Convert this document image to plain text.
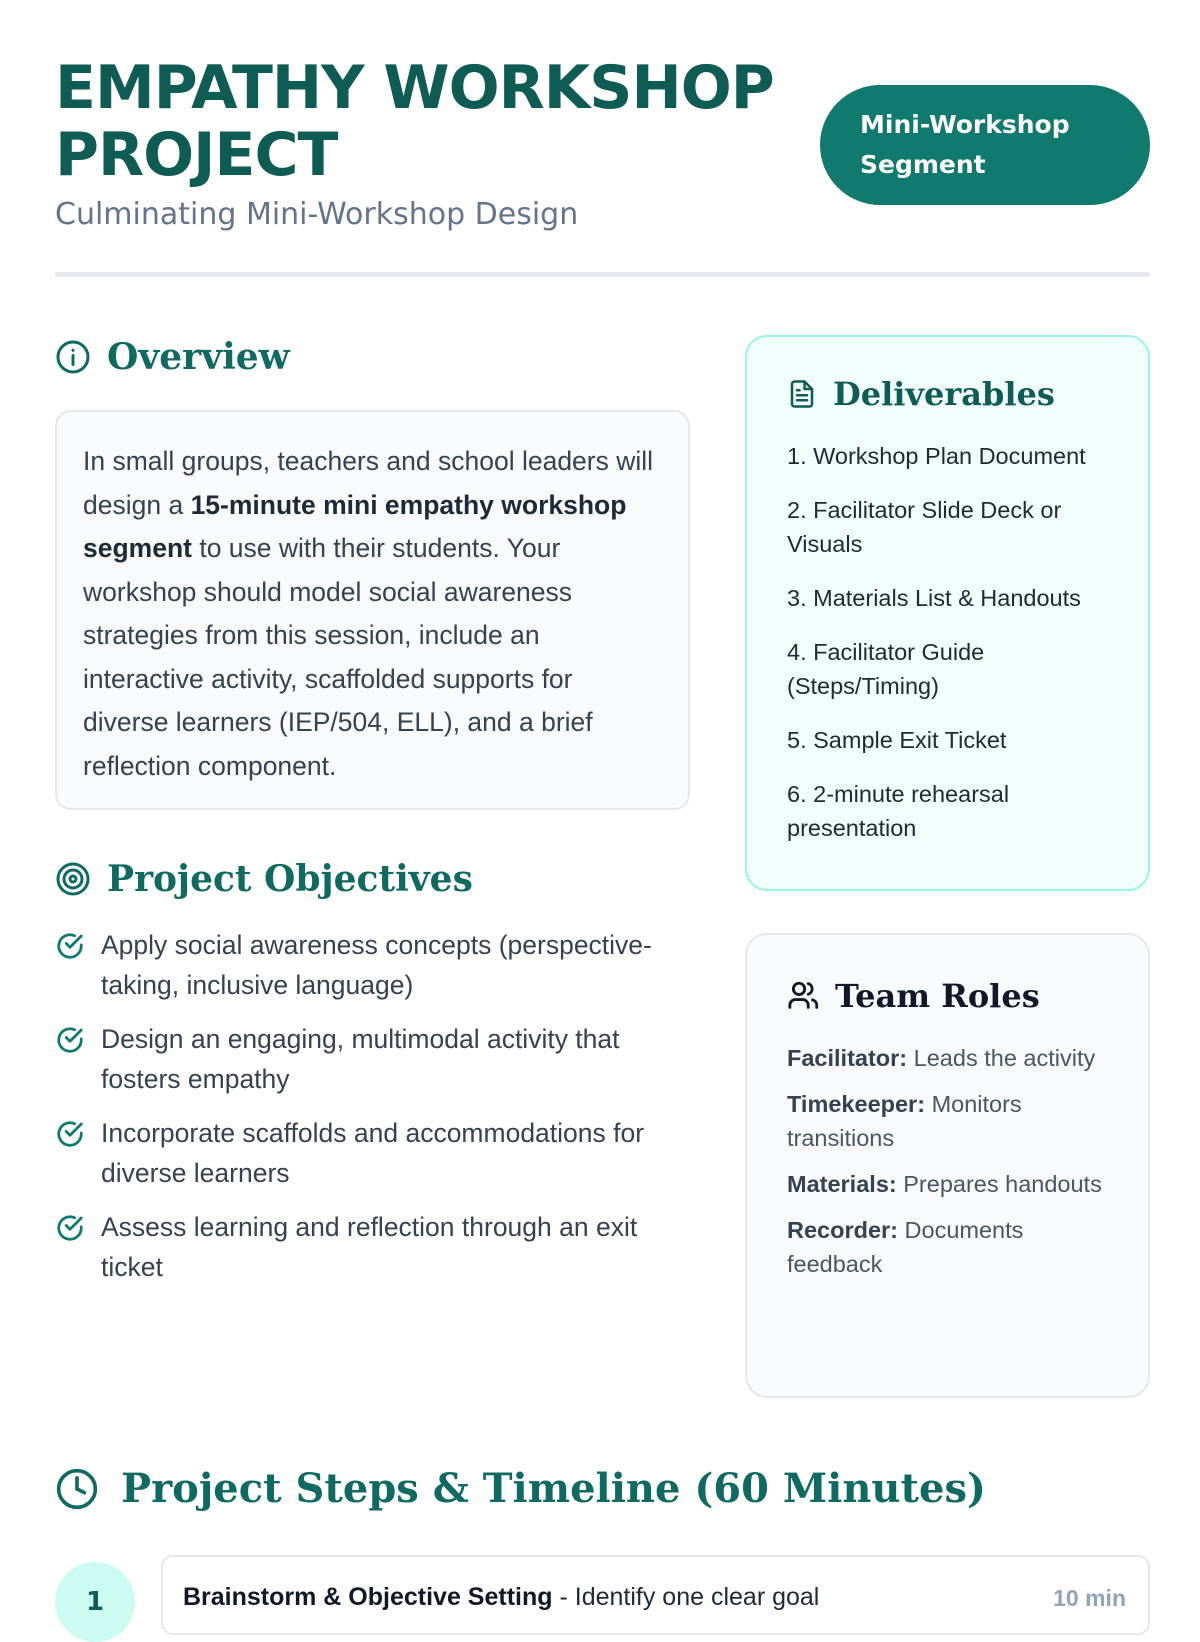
EMPATHY WORKSHOP PROJECT
Culminating Mini-Workshop Design
Mini-Workshop Segment
Overview
In small groups, teachers and school leaders will design a 15-minute mini empathy workshop segment to use with their students. Your workshop should model social awareness strategies from this session, include an interactive activity, scaffolded supports for diverse learners (IEP/504, ELL), and a brief reflection component.
Project Objectives
Apply social awareness concepts (perspective-taking, inclusive language)
Design an engaging, multimodal activity that fosters empathy
Incorporate scaffolds and accommodations for diverse learners
Assess learning and reflection through an exit ticket
Deliverables
1. Workshop Plan Document
2. Facilitator Slide Deck or Visuals
3. Materials List & Handouts
4. Facilitator Guide (Steps/Timing)
5. Sample Exit Ticket
6. 2-minute rehearsal presentation
Team Roles
Facilitator: Leads the activity
Timekeeper: Monitors transitions
Materials: Prepares handouts
Recorder: Documents feedback
Project Steps & Timeline (60 Minutes)
1	Brainstorm & Objective Setting - Identify one clear goal	10 min
